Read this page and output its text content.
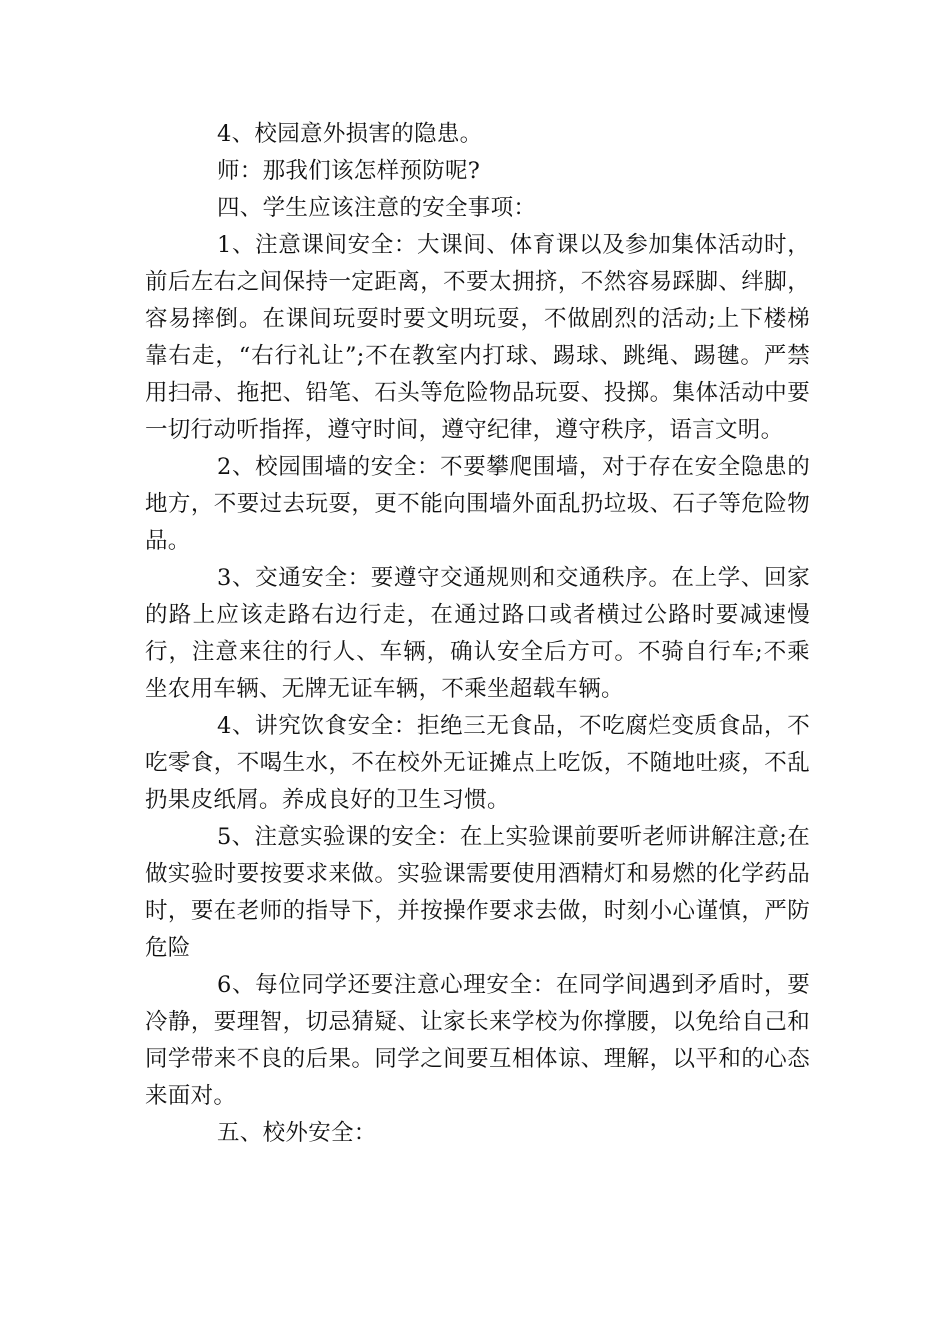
4、校园意外损害的隐患。

师：那我们该怎样预防呢?

四、学生应该注意的安全事项：

1、注意课间安全：大课间、体育课以及参加集体活动时，前后左右之间保持一定距离，不要太拥挤，不然容易踩脚、绊脚，容易摔倒。在课间玩耍时要文明玩耍，不做剧烈的活动;上下楼梯靠右走，“右行礼让”;不在教室内打球、踢球、跳绳、踢毽。严禁用扫帚、拖把、铅笔、石头等危险物品玩耍、投掷。集体活动中要一切行动听指挥，遵守时间，遵守纪律，遵守秩序，语言文明。

2、校园围墙的安全：不要攀爬围墙，对于存在安全隐患的地方，不要过去玩耍，更不能向围墙外面乱扔垃圾、石子等危险物品。

3、交通安全：要遵守交通规则和交通秩序。在上学、回家的路上应该走路右边行走，在通过路口或者横过公路时要减速慢行，注意来往的行人、车辆，确认安全后方可。不骑自行车;不乘坐农用车辆、无牌无证车辆，不乘坐超载车辆。

4、讲究饮食安全：拒绝三无食品，不吃腐烂变质食品，不吃零食，不喝生水，不在校外无证摊点上吃饭，不随地吐痰，不乱扔果皮纸屑。养成良好的卫生习惯。

5、注意实验课的安全：在上实验课前要听老师讲解注意;在做实验时要按要求来做。实验课需要使用酒精灯和易燃的化学药品时，要在老师的指导下，并按操作要求去做，时刻小心谨慎，严防危险

6、每位同学还要注意心理安全：在同学间遇到矛盾时，要冷静，要理智，切忌猜疑、让家长来学校为你撑腰，以免给自己和同学带来不良的后果。同学之间要互相体谅、理解，以平和的心态来面对。

五、校外安全：
